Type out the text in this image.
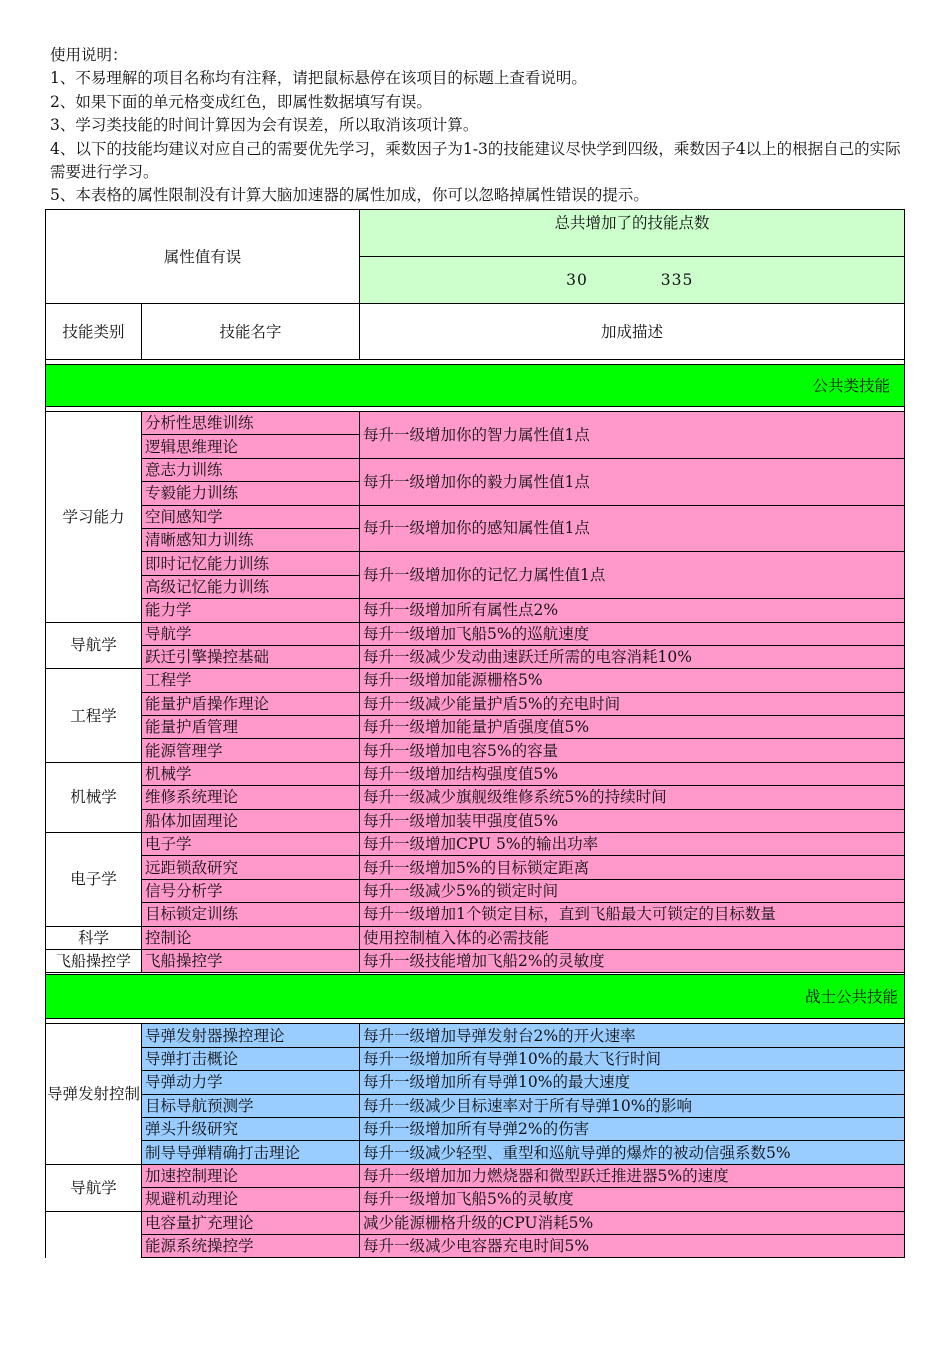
使用说明：
1、不易理解的项目名称均有注释，请把鼠标悬停在该项目的标题上查看说明。
2、如果下面的单元格变成红色，即属性数据填写有误。
3、学习类技能的时间计算因为会有误差，所以取消该项计算。
4、以下的技能均建议对应自己的需要优先学习，乘数因子为1-3的技能建议尽快学到四级，乘数因子4以上的根据自己的实际需要进行学习。
5、本表格的属性限制没有计算大脑加速器的属性加成，你可以忽略掉属性错误的提示。
属性值有误		总共增加了的技能点数
		30 335
技能类别	技能名字	加成描述

公共类技能		

学习能力	分析性思维训练	每升一级增加你的智力属性值1点
	逻辑思维理论	
	意志力训练	每升一级增加你的毅力属性值1点
	专毅能力训练	
	空间感知学	每升一级增加你的感知属性值1点
	清晰感知力训练	
	即时记忆能力训练	每升一级增加你的记忆力属性值1点
	高级记忆能力训练	
	能力学	每升一级增加所有属性点2%
导航学	导航学	每升一级增加飞船5%的巡航速度
	跃迁引擎操控基础	每升一级减少发动曲速跃迁所需的电容消耗10%
工程学	工程学	每升一级增加能源栅格5%
	能量护盾操作理论	每升一级减少能量护盾5%的充电时间
	能量护盾管理	每升一级增加能量护盾强度值5%
	能源管理学	每升一级增加电容5%的容量
机械学	机械学	每升一级增加结构强度值5%
	维修系统理论	每升一级减少旗舰级维修系统5%的持续时间
	船体加固理论	每升一级增加装甲强度值5%
电子学	电子学	每升一级增加CPU 5%的输出功率
	远距锁敌研究	每升一级增加5%的目标锁定距离
	信号分析学	每升一级减少5%的锁定时间
	目标锁定训练	每升一级增加1个锁定目标，直到飞船最大可锁定的目标数量
科学	控制论	使用控制植入体的必需技能
飞船操控学	飞船操控学	每升一级技能增加飞船2%的灵敏度

战士公共技能		

导弹发射控制	导弹发射器操控理论	每升一级增加导弹发射台2%的开火速率
	导弹打击概论	每升一级增加所有导弹10%的最大飞行时间
	导弹动力学	每升一级增加所有导弹10%的最大速度
	目标导航预测学	每升一级减少目标速率对于所有导弹10%的影响
	弹头升级研究	每升一级增加所有导弹2%的伤害
	制导导弹精确打击理论	每升一级减少轻型、重型和巡航导弹的爆炸的被动信强系数5%
导航学	加速控制理论	每升一级增加加力燃烧器和微型跃迁推进器5%的速度
	规避机动理论	每升一级增加飞船5%的灵敏度
	电容量扩充理论	减少能源栅格升级的CPU消耗5%
	能源系统操控学	每升一级减少电容器充电时间5%
